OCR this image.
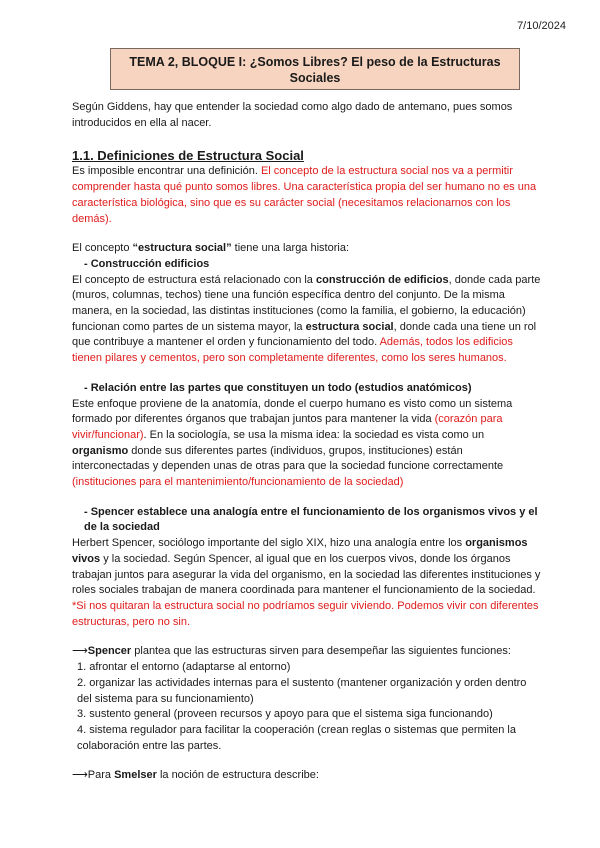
7/10/2024
TEMA 2, BLOQUE I: ¿Somos Libres? El peso de la Estructuras
Sociales

Según Giddens, hay que entender la sociedad como algo dado de antemano, pues somos introducidos en ella al nacer.

1.1. Definiciones de Estructura Social

Es imposible encontrar una definición. El concepto de la estructura social nos va a permitir comprender hasta qué punto somos libres. Una característica propia del ser humano no es una característica biológica, sino que es su carácter social (necesitamos relacionarnos con los demás).

El concepto “estructura social” tiene una larga historia:

- Construcción edificios

El concepto de estructura está relacionado con la construcción de edificios, donde cada parte (muros, columnas, techos) tiene una función específica dentro del conjunto. De la misma manera, en la sociedad, las distintas instituciones (como la familia, el gobierno, la educación) funcionan como partes de un sistema mayor, la estructura social, donde cada una tiene un rol que contribuye a mantener el orden y funcionamiento del todo. Además, todos los edificios tienen pilares y cementos, pero son completamente diferentes, como los seres humanos.

- Relación entre las partes que constituyen un todo (estudios anatómicos)

Este enfoque proviene de la anatomía, donde el cuerpo humano es visto como un sistema formado por diferentes órganos que trabajan juntos para mantener la vida (corazón para vivir/funcionar). En la sociología, se usa la misma idea: la sociedad es vista como un organismo donde sus diferentes partes (individuos, grupos, instituciones) están interconectadas y dependen unas de otras para que la sociedad funcione correctamente (instituciones para el mantenimiento/funcionamiento de la sociedad)

- Spencer establece una analogía entre el funcionamiento de los organismos vivos y el de la sociedad

Herbert Spencer, sociólogo importante del siglo XIX, hizo una analogía entre los organismos vivos y la sociedad. Según Spencer, al igual que en los cuerpos vivos, donde los órganos trabajan juntos para asegurar la vida del organismo, en la sociedad las diferentes instituciones y roles sociales trabajan de manera coordinada para mantener el funcionamiento de la sociedad.

*Si nos quitaran la estructura social no podríamos seguir viviendo. Podemos vivir con diferentes estructuras, pero no sin.

⟶Spencer plantea que las estructuras sirven para desempeñar las siguientes funciones:

1. afrontar el entorno (adaptarse al entorno)

2. organizar las actividades internas para el sustento (mantener organización y orden dentro del sistema para su funcionamiento)

3. sustento general (proveen recursos y apoyo para que el sistema siga funcionando)

4. sistema regulador para facilitar la cooperación (crean reglas o sistemas que permiten la colaboración entre las partes.

⟶Para Smelser la noción de estructura describe:
